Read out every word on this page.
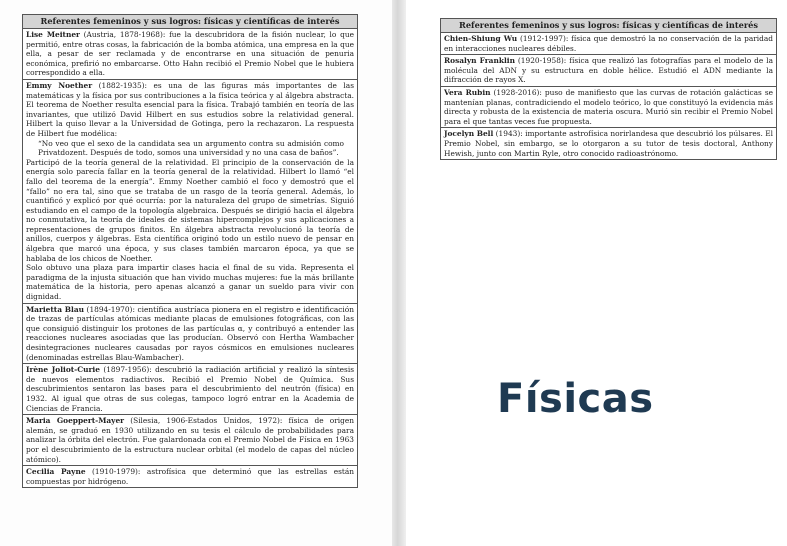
Referentes femeninos y sus logros: físicas y científicas de interés
Lise Meitner (Austria, 1878-1968): fue la descubridora de la fisión nuclear, lo que permitió, entre otras cosas, la fabricación de la bomba atómica, una empresa en la que ella, a pesar de ser reclamada y de encontrarse en una situación de penuria económica, prefirió no embarcarse. Otto Hahn recibió el Premio Nobel que le hubiera correspondido a ella.
Emmy Noether (1882-1935): es una de las figuras más importantes de las matemáticas y la física por sus contribuciones a la física teórica y al álgebra abstracta. El teorema de Noether resulta esencial para la física. Trabajó también en teoría de las invariantes, que utilizó David Hilbert en sus estudios sobre la relatividad general. Hilbert la quiso llevar a la Universidad de Gotinga, pero la rechazaron. La respuesta de Hilbert fue modélica:
“No veo que el sexo de la candidata sea un argumento contra su admisión como Privatdozent. Después de todo, somos una universidad y no una casa de baños”.
Participó de la teoría general de la relatividad. El principio de la conservación de la energía solo parecía fallar en la teoría general de la relatividad. Hilbert lo llamó “el fallo del teorema de la energía”. Emmy Noether cambió el foco y demostró que el “fallo” no era tal, sino que se trataba de un rasgo de la teoría general. Además, lo cuantificó y explicó por qué ocurría: por la naturaleza del grupo de simetrías. Siguió estudiando en el campo de la topología algebraica. Después se dirigió hacia el álgebra no conmutativa, la teoría de ideales de sistemas hipercomplejos y sus aplicaciones a representaciones de grupos finitos. En álgebra abstracta revolucionó la teoría de anillos, cuerpos y álgebras. Esta científica originó todo un estilo nuevo de pensar en álgebra que marcó una época, y sus clases también marcaron época, ya que se hablaba de los chicos de Noether.
Solo obtuvo una plaza para impartir clases hacia el final de su vida. Representa el paradigma de la injusta situación que han vivido muchas mujeres: fue la más brillante matemática de la historia, pero apenas alcanzó a ganar un sueldo para vivir con dignidad.
Marietta Blau (1894-1970): científica austríaca pionera en el registro e identificación de trazas de partículas atómicas mediante placas de emulsiones fotográficas, con las que consiguió distinguir los protones de las partículas α, y contribuyó a entender las reacciones nucleares asociadas que las producían. Observó con Hertha Wambacher desintegraciones nucleares causadas por rayos cósmicos en emulsiones nucleares (denominadas estrellas Blau-Wambacher).
Irène Joliot-Curie (1897-1956): descubrió la radiación artificial y realizó la síntesis de nuevos elementos radiactivos. Recibió el Premio Nobel de Química. Sus descubrimientos sentaron las bases para el descubrimiento del neutrón (física) en 1932. Al igual que otras de sus colegas, tampoco logró entrar en la Academia de Ciencias de Francia.
Maria Goeppert-Mayer (Silesia, 1906-Estados Unidos, 1972): física de origen alemán, se graduó en 1930 utilizando en su tesis el cálculo de probabilidades para analizar la órbita del electrón. Fue galardonada con el Premio Nobel de Física en 1963 por el descubrimiento de la estructura nuclear orbital (el modelo de capas del núcleo atómico).
Cecilia Payne (1910-1979): astrofísica que determinó que las estrellas están compuestas por hidrógeno.
Referentes femeninos y sus logros: físicas y científicas de interés
Chien-Shiung Wu (1912-1997): física que demostró la no conservación de la paridad en interacciones nucleares débiles.
Rosalyn Franklin (1920-1958): física que realizó las fotografías para el modelo de la molécula del ADN y su estructura en doble hélice. Estudió el ADN mediante la difracción de rayos X.
Vera Rubin (1928-2016): puso de manifiesto que las curvas de rotación galácticas se mantenían planas, contradiciendo el modelo teórico, lo que constituyó la evidencia más directa y robusta de la existencia de materia oscura. Murió sin recibir el Premio Nobel para el que tantas veces fue propuesta.
Jocelyn Bell (1943): importante astrofísica norirlandesa que descubrió los púlsares. El Premio Nobel, sin embargo, se lo otorgaron a su tutor de tesis doctoral, Anthony Hewish, junto con Martin Ryle, otro conocido radioastrónomo.
Físicas
